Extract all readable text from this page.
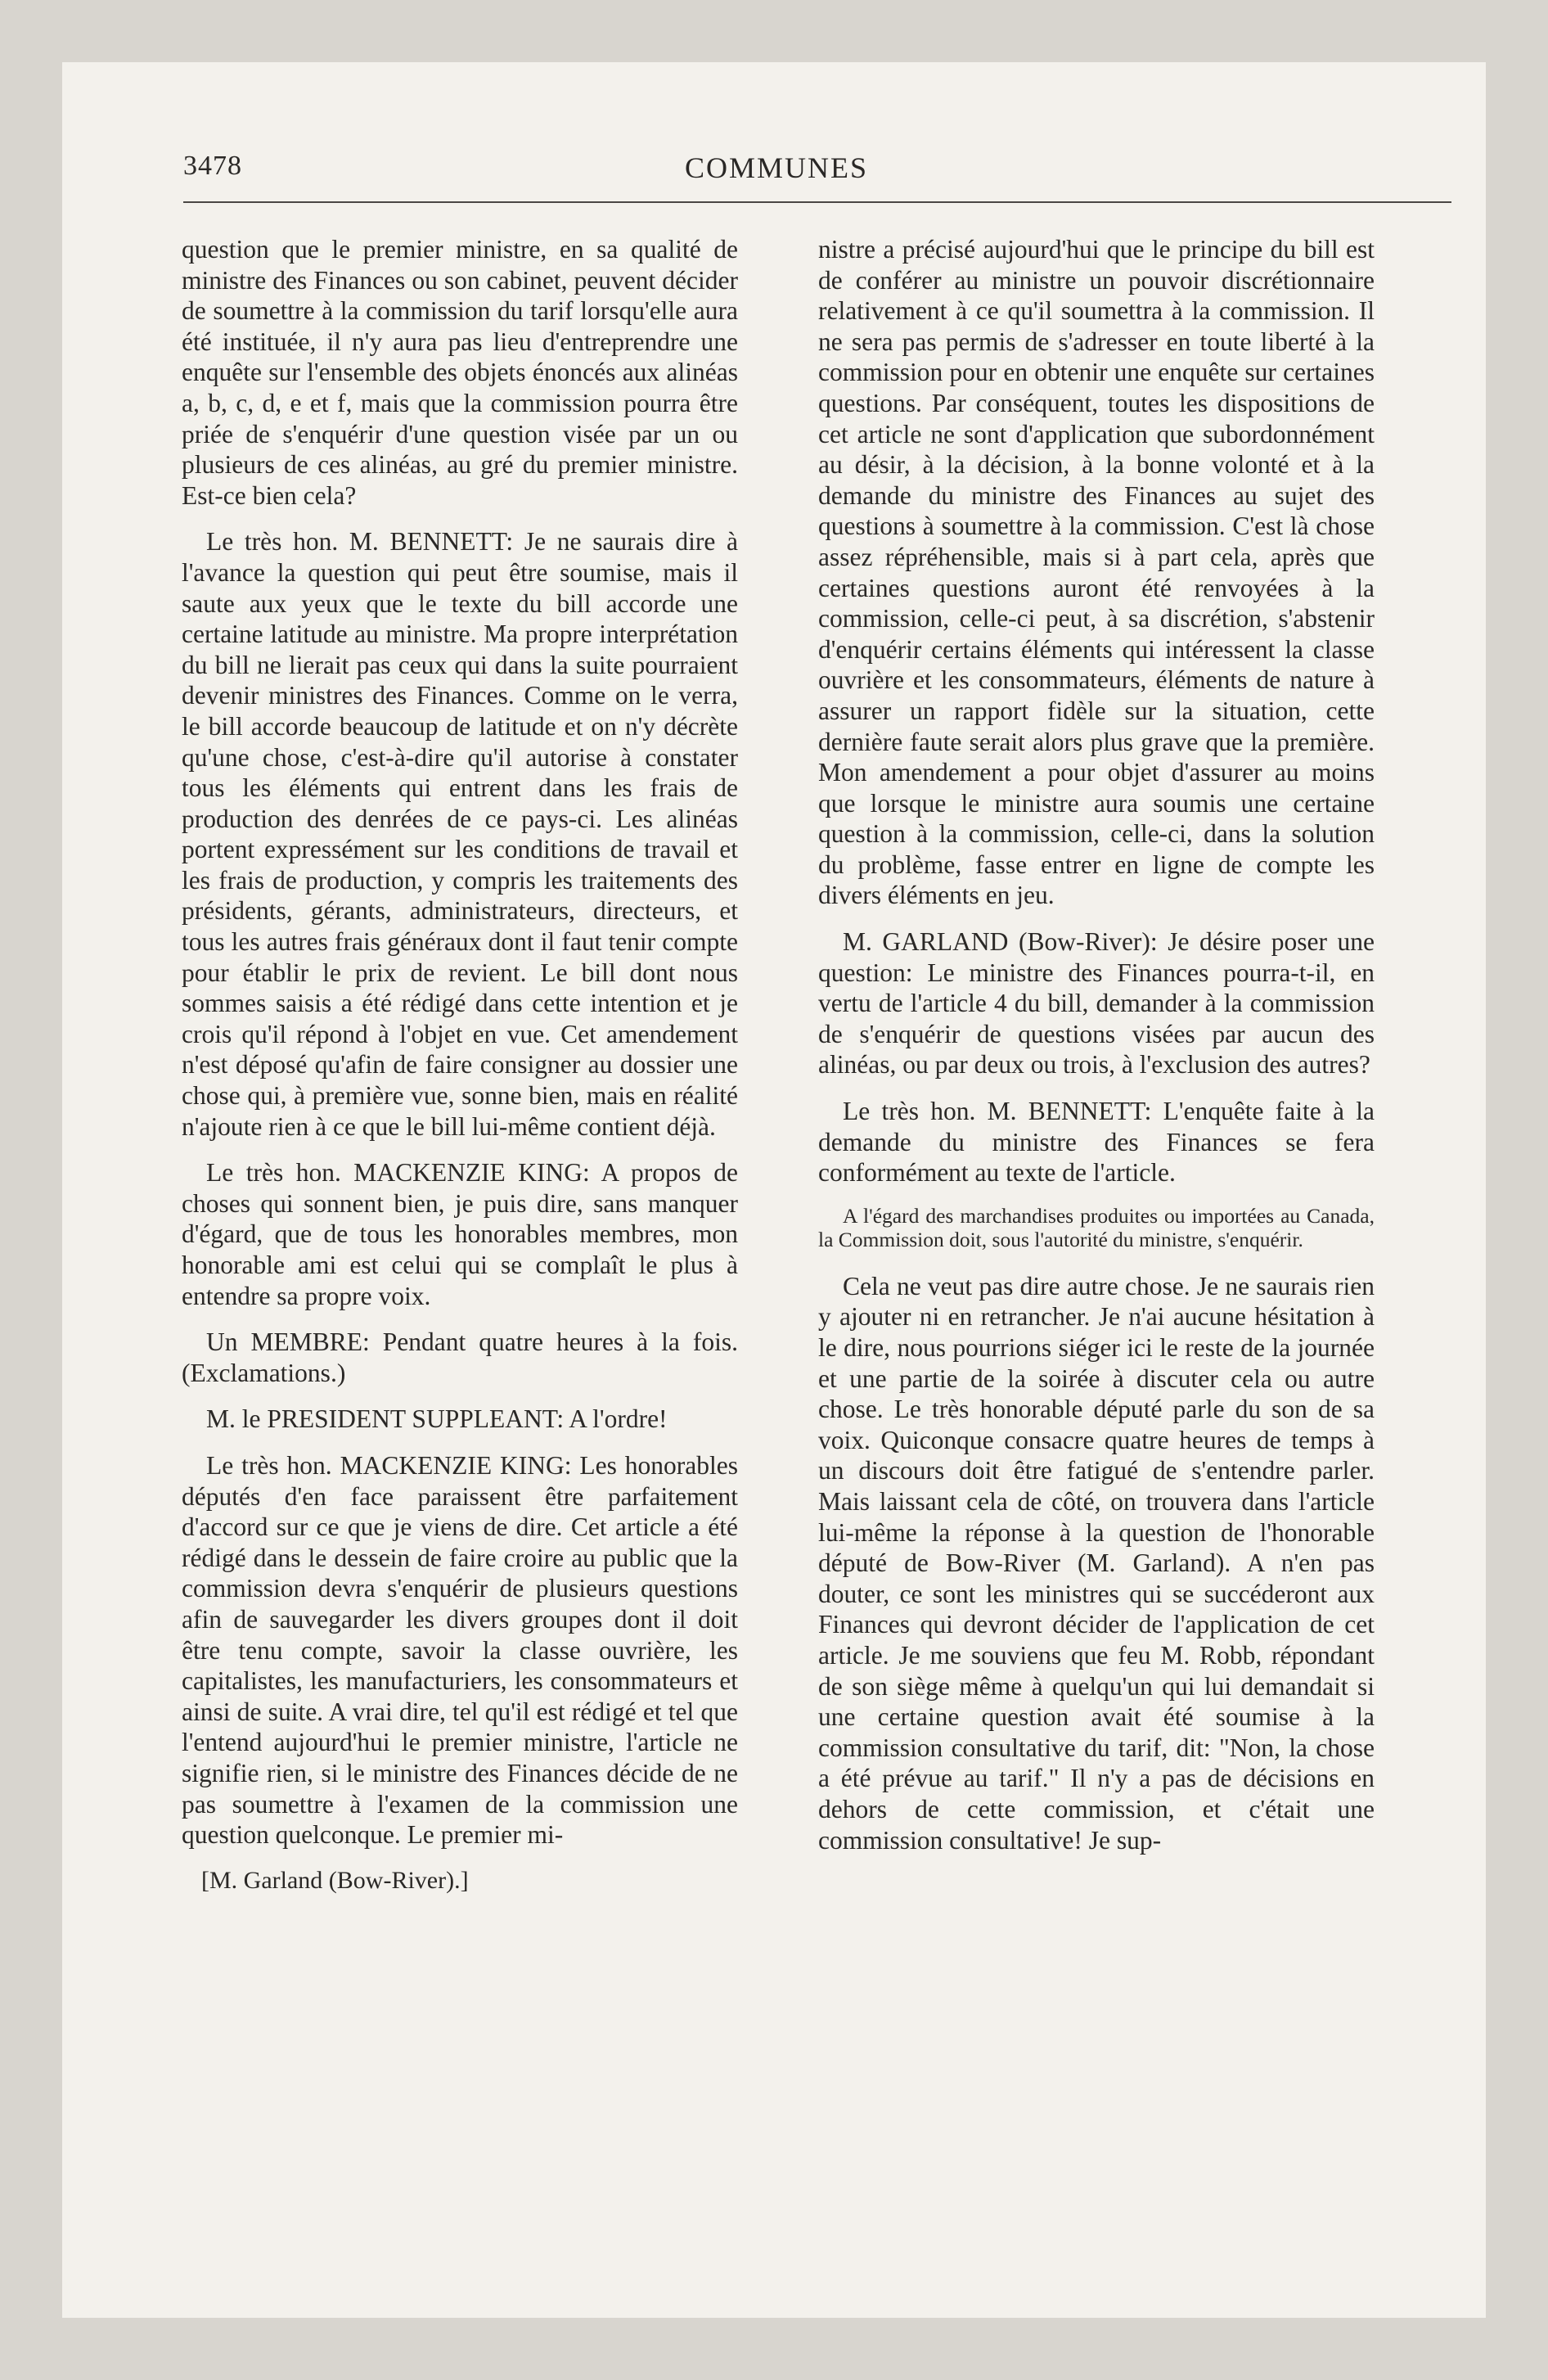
3478	COMMUNES

question que le premier ministre, en sa qualité de ministre des Finances ou son cabinet, peuvent décider de soumettre à la commission du tarif lorsqu'elle aura été instituée, il n'y aura pas lieu d'entreprendre une enquête sur l'ensemble des objets énoncés aux alinéas a, b, c, d, e et f, mais que la commission pourra être priée de s'enquérir d'une question visée par un ou plusieurs de ces alinéas, au gré du premier ministre. Est-ce bien cela?

Le très hon. M. BENNETT: Je ne saurais dire à l'avance la question qui peut être soumise, mais il saute aux yeux que le texte du bill accorde une certaine latitude au ministre. Ma propre interprétation du bill ne lierait pas ceux qui dans la suite pourraient devenir ministres des Finances. Comme on le verra, le bill accorde beaucoup de latitude et on n'y décrète qu'une chose, c'est-à-dire qu'il autorise à constater tous les éléments qui entrent dans les frais de production des denrées de ce pays-ci. Les alinéas portent expressément sur les conditions de travail et les frais de production, y compris les traitements des présidents, gérants, administrateurs, directeurs, et tous les autres frais généraux dont il faut tenir compte pour établir le prix de revient. Le bill dont nous sommes saisis a été rédigé dans cette intention et je crois qu'il répond à l'objet en vue. Cet amendement n'est déposé qu'afin de faire consigner au dossier une chose qui, à première vue, sonne bien, mais en réalité n'ajoute rien à ce que le bill lui-même contient déjà.

Le très hon. MACKENZIE KING: A propos de choses qui sonnent bien, je puis dire, sans manquer d'égard, que de tous les honorables membres, mon honorable ami est celui qui se complaît le plus à entendre sa propre voix.

Un MEMBRE: Pendant quatre heures à la fois. (Exclamations.)

M. le PRESIDENT SUPPLEANT: A l'ordre!

Le très hon. MACKENZIE KING: Les honorables députés d'en face paraissent être parfaitement d'accord sur ce que je viens de dire. Cet article a été rédigé dans le dessein de faire croire au public que la commission devra s'enquérir de plusieurs questions afin de sauvegarder les divers groupes dont il doit être tenu compte, savoir la classe ouvrière, les capitalistes, les manufacturiers, les consommateurs et ainsi de suite. A vrai dire, tel qu'il est rédigé et tel que l'entend aujourd'hui le premier ministre, l'article ne signifie rien, si le ministre des Finances décide de ne pas soumettre à l'examen de la commission une question quelconque. Le premier mi-

[M. Garland (Bow-River).]

nistre a précisé aujourd'hui que le principe du bill est de conférer au ministre un pouvoir discrétionnaire relativement à ce qu'il soumettra à la commission. Il ne sera pas permis de s'adresser en toute liberté à la commission pour en obtenir une enquête sur certaines questions. Par conséquent, toutes les dispositions de cet article ne sont d'application que subordonnément au désir, à la décision, à la bonne volonté et à la demande du ministre des Finances au sujet des questions à soumettre à la commission. C'est là chose assez répréhensible, mais si à part cela, après que certaines questions auront été renvoyées à la commission, celle-ci peut, à sa discrétion, s'abstenir d'enquérir certains éléments qui intéressent la classe ouvrière et les consommateurs, éléments de nature à assurer un rapport fidèle sur la situation, cette dernière faute serait alors plus grave que la première. Mon amendement a pour objet d'assurer au moins que lorsque le ministre aura soumis une certaine question à la commission, celle-ci, dans la solution du problème, fasse entrer en ligne de compte les divers éléments en jeu.

M. GARLAND (Bow-River): Je désire poser une question: Le ministre des Finances pourra-t-il, en vertu de l'article 4 du bill, demander à la commission de s'enquérir de questions visées par aucun des alinéas, ou par deux ou trois, à l'exclusion des autres?

Le très hon. M. BENNETT: L'enquête faite à la demande du ministre des Finances se fera conformément au texte de l'article.

A l'égard des marchandises produites ou importées au Canada, la Commission doit, sous l'autorité du ministre, s'enquérir.

Cela ne veut pas dire autre chose. Je ne saurais rien y ajouter ni en retrancher. Je n'ai aucune hésitation à le dire, nous pourrions siéger ici le reste de la journée et une partie de la soirée à discuter cela ou autre chose. Le très honorable député parle du son de sa voix. Quiconque consacre quatre heures de temps à un discours doit être fatigué de s'entendre parler. Mais laissant cela de côté, on trouvera dans l'article lui-même la réponse à la question de l'honorable député de Bow-River (M. Garland). A n'en pas douter, ce sont les ministres qui se succéderont aux Finances qui devront décider de l'application de cet article. Je me souviens que feu M. Robb, répondant de son siège même à quelqu'un qui lui demandait si une certaine question avait été soumise à la commission consultative du tarif, dit: "Non, la chose a été prévue au tarif." Il n'y a pas de décisions en dehors de cette commission, et c'était une commission consultative! Je sup-
